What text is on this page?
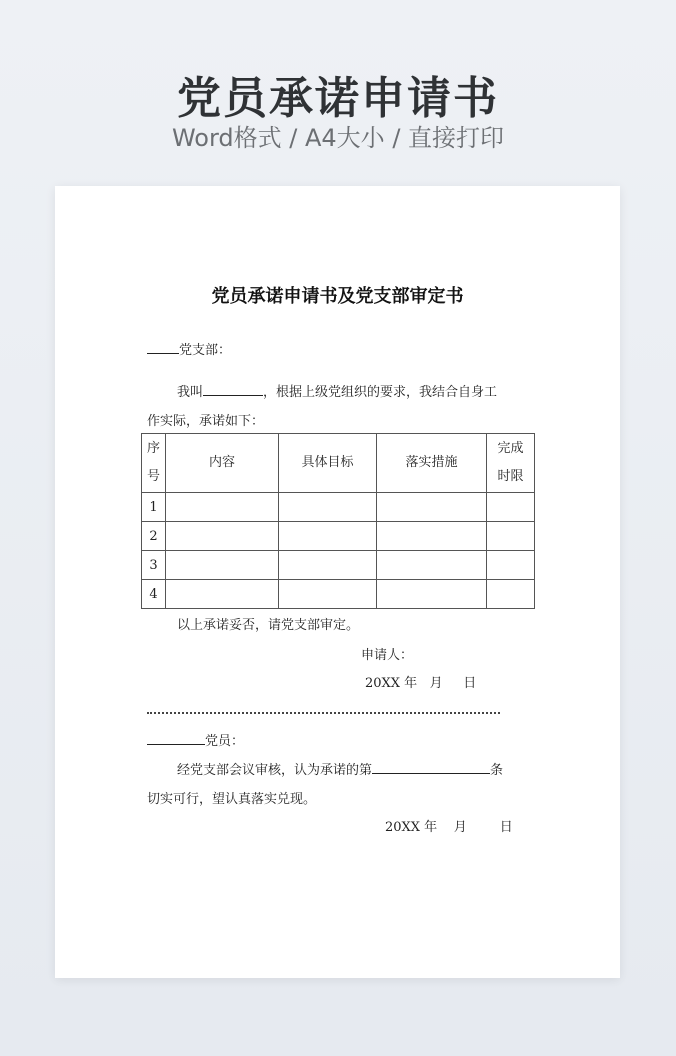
党员承诺申请书
Word格式 / A4大小 / 直接打印
党员承诺申请书及党支部审定书
党支部：
我叫	，根据上级党组织的要求，我结合自身工
作实际，承诺如下：
序号	内容	具体目标	落实措施	完成时限
1				
2				
3				
4				
以上承诺妥否，请党支部审定。
申请人：
20XX 年   月     日
党员：
经党支部会议审核，认为承诺的第	条
切实可行，望认真落实兑现。
20XX 年    月        日
